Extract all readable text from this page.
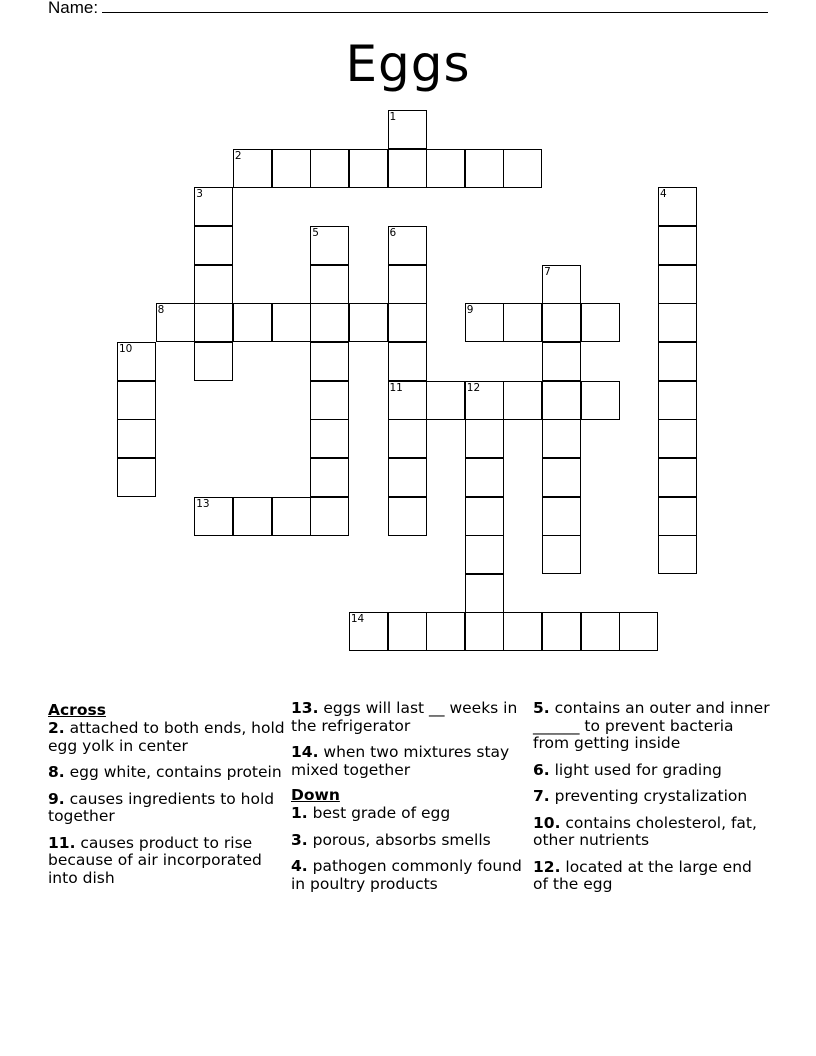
Name:
Eggs
1
2
3	4
5	6
11
7
8	9
10
12
13
14
Across
2. attached to both ends, hold egg yolk in center
8. egg white, contains protein
9. causes ingredients to hold together
11. causes product to rise because of air incorporated into dish
13. eggs will last __ weeks in the refrigerator
14. when two mixtures stay mixed together
Down
1. best grade of egg
3. porous, absorbs smells
4. pathogen commonly found in poultry products
5. contains an outer and inner ______ to prevent bacteria from getting inside
6. light used for grading
7. preventing crystalization
10. contains cholesterol, fat, other nutrients
12. located at the large end of the egg
